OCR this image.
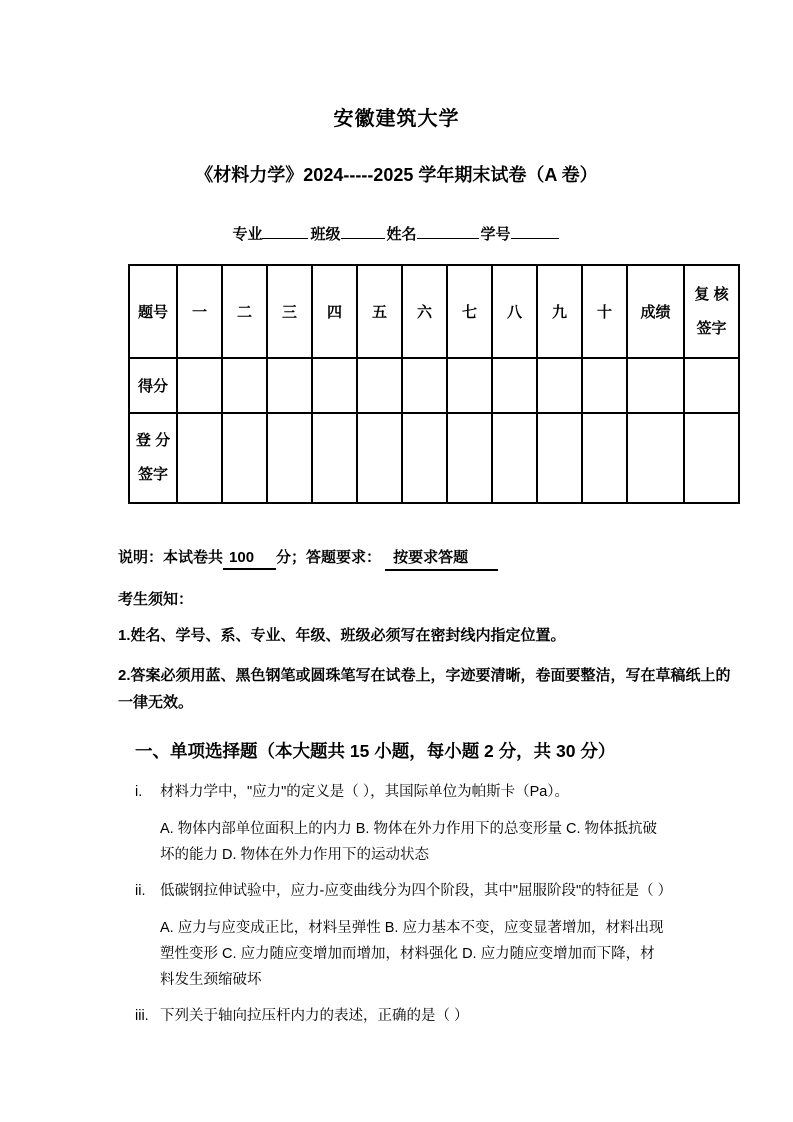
安徽建筑大学
《材料力学》2024-----2025 学年期末试卷（A 卷）
专业	班级	姓名	学号
题号	一	二	三	四	五	六	七	八	九	十	成绩	复 核
签字
得分												
登 分
签字												
说明：本试卷共 100 分；答题要求： 按要求答题
考生须知：
1.姓名、学号、系、专业、年级、班级必须写在密封线内指定位置。
2.答案必须用蓝、黑色钢笔或圆珠笔写在试卷上，字迹要清晰，卷面要整洁，写在草稿纸上的一律无效。
一、单项选择题（本大题共 15 小题，每小题 2 分，共 30 分）
i.	材料力学中，"应力"的定义是（ ），其国际单位为帕斯卡（Pa）。
A. 物体内部单位面积上的内力 B. 物体在外力作用下的总变形量 C. 物体抵抗破坏的能力 D. 物体在外力作用下的运动状态
ii.	低碳钢拉伸试验中，应力-应变曲线分为四个阶段，其中"屈服阶段"的特征是（ ）
A. 应力与应变成正比，材料呈弹性 B. 应力基本不变，应变显著增加，材料出现塑性变形 C. 应力随应变增加而增加，材料强化 D. 应力随应变增加而下降，材料发生颈缩破坏
iii. 下列关于轴向拉压杆内力的表述，正确的是（ ）
